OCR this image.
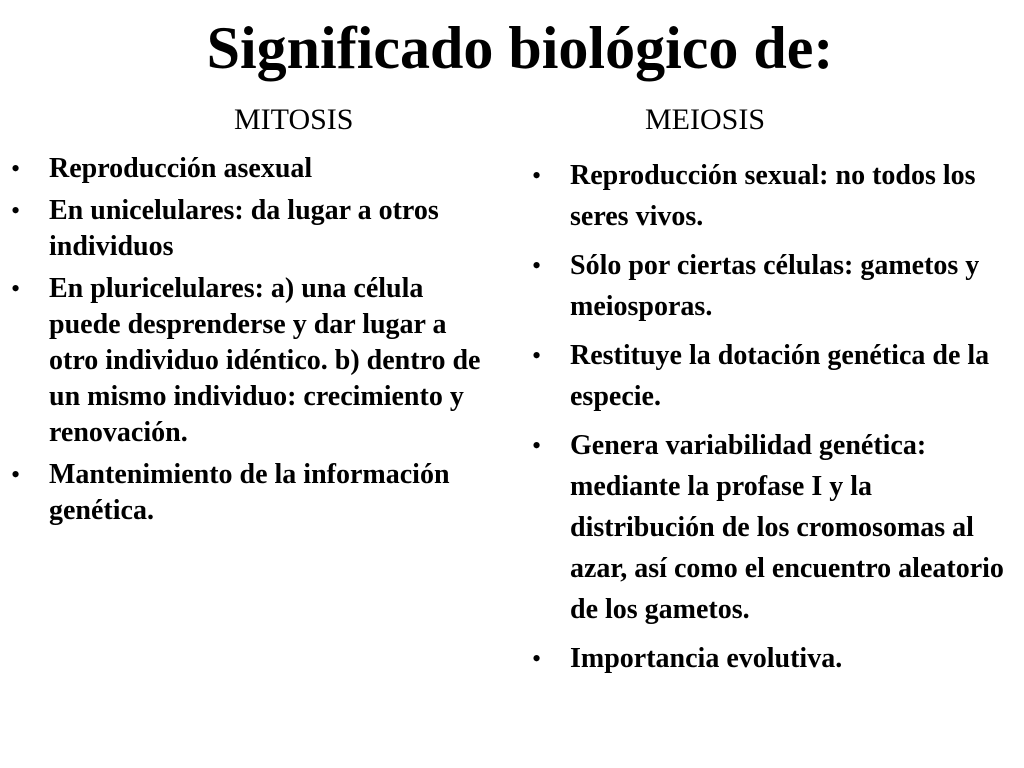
Significado biológico de:
MITOSIS	MEIOSIS
• Reproducción asexual
• En unicelulares: da lugar a otros individuos
• En pluricelulares: a) una célula puede desprenderse y dar lugar a otro individuo idéntico. b) dentro de un mismo individuo: crecimiento y renovación.
• Mantenimiento de la información genética.
• Reproducción sexual: no todos los seres vivos.
• Sólo por ciertas células: gametos y meiosporas.
• Restituye la dotación genética de la especie.
• Genera variabilidad genética: mediante la profase I y la distribución de los cromosomas al azar, así como el encuentro aleatorio de los gametos.
• Importancia evolutiva.
